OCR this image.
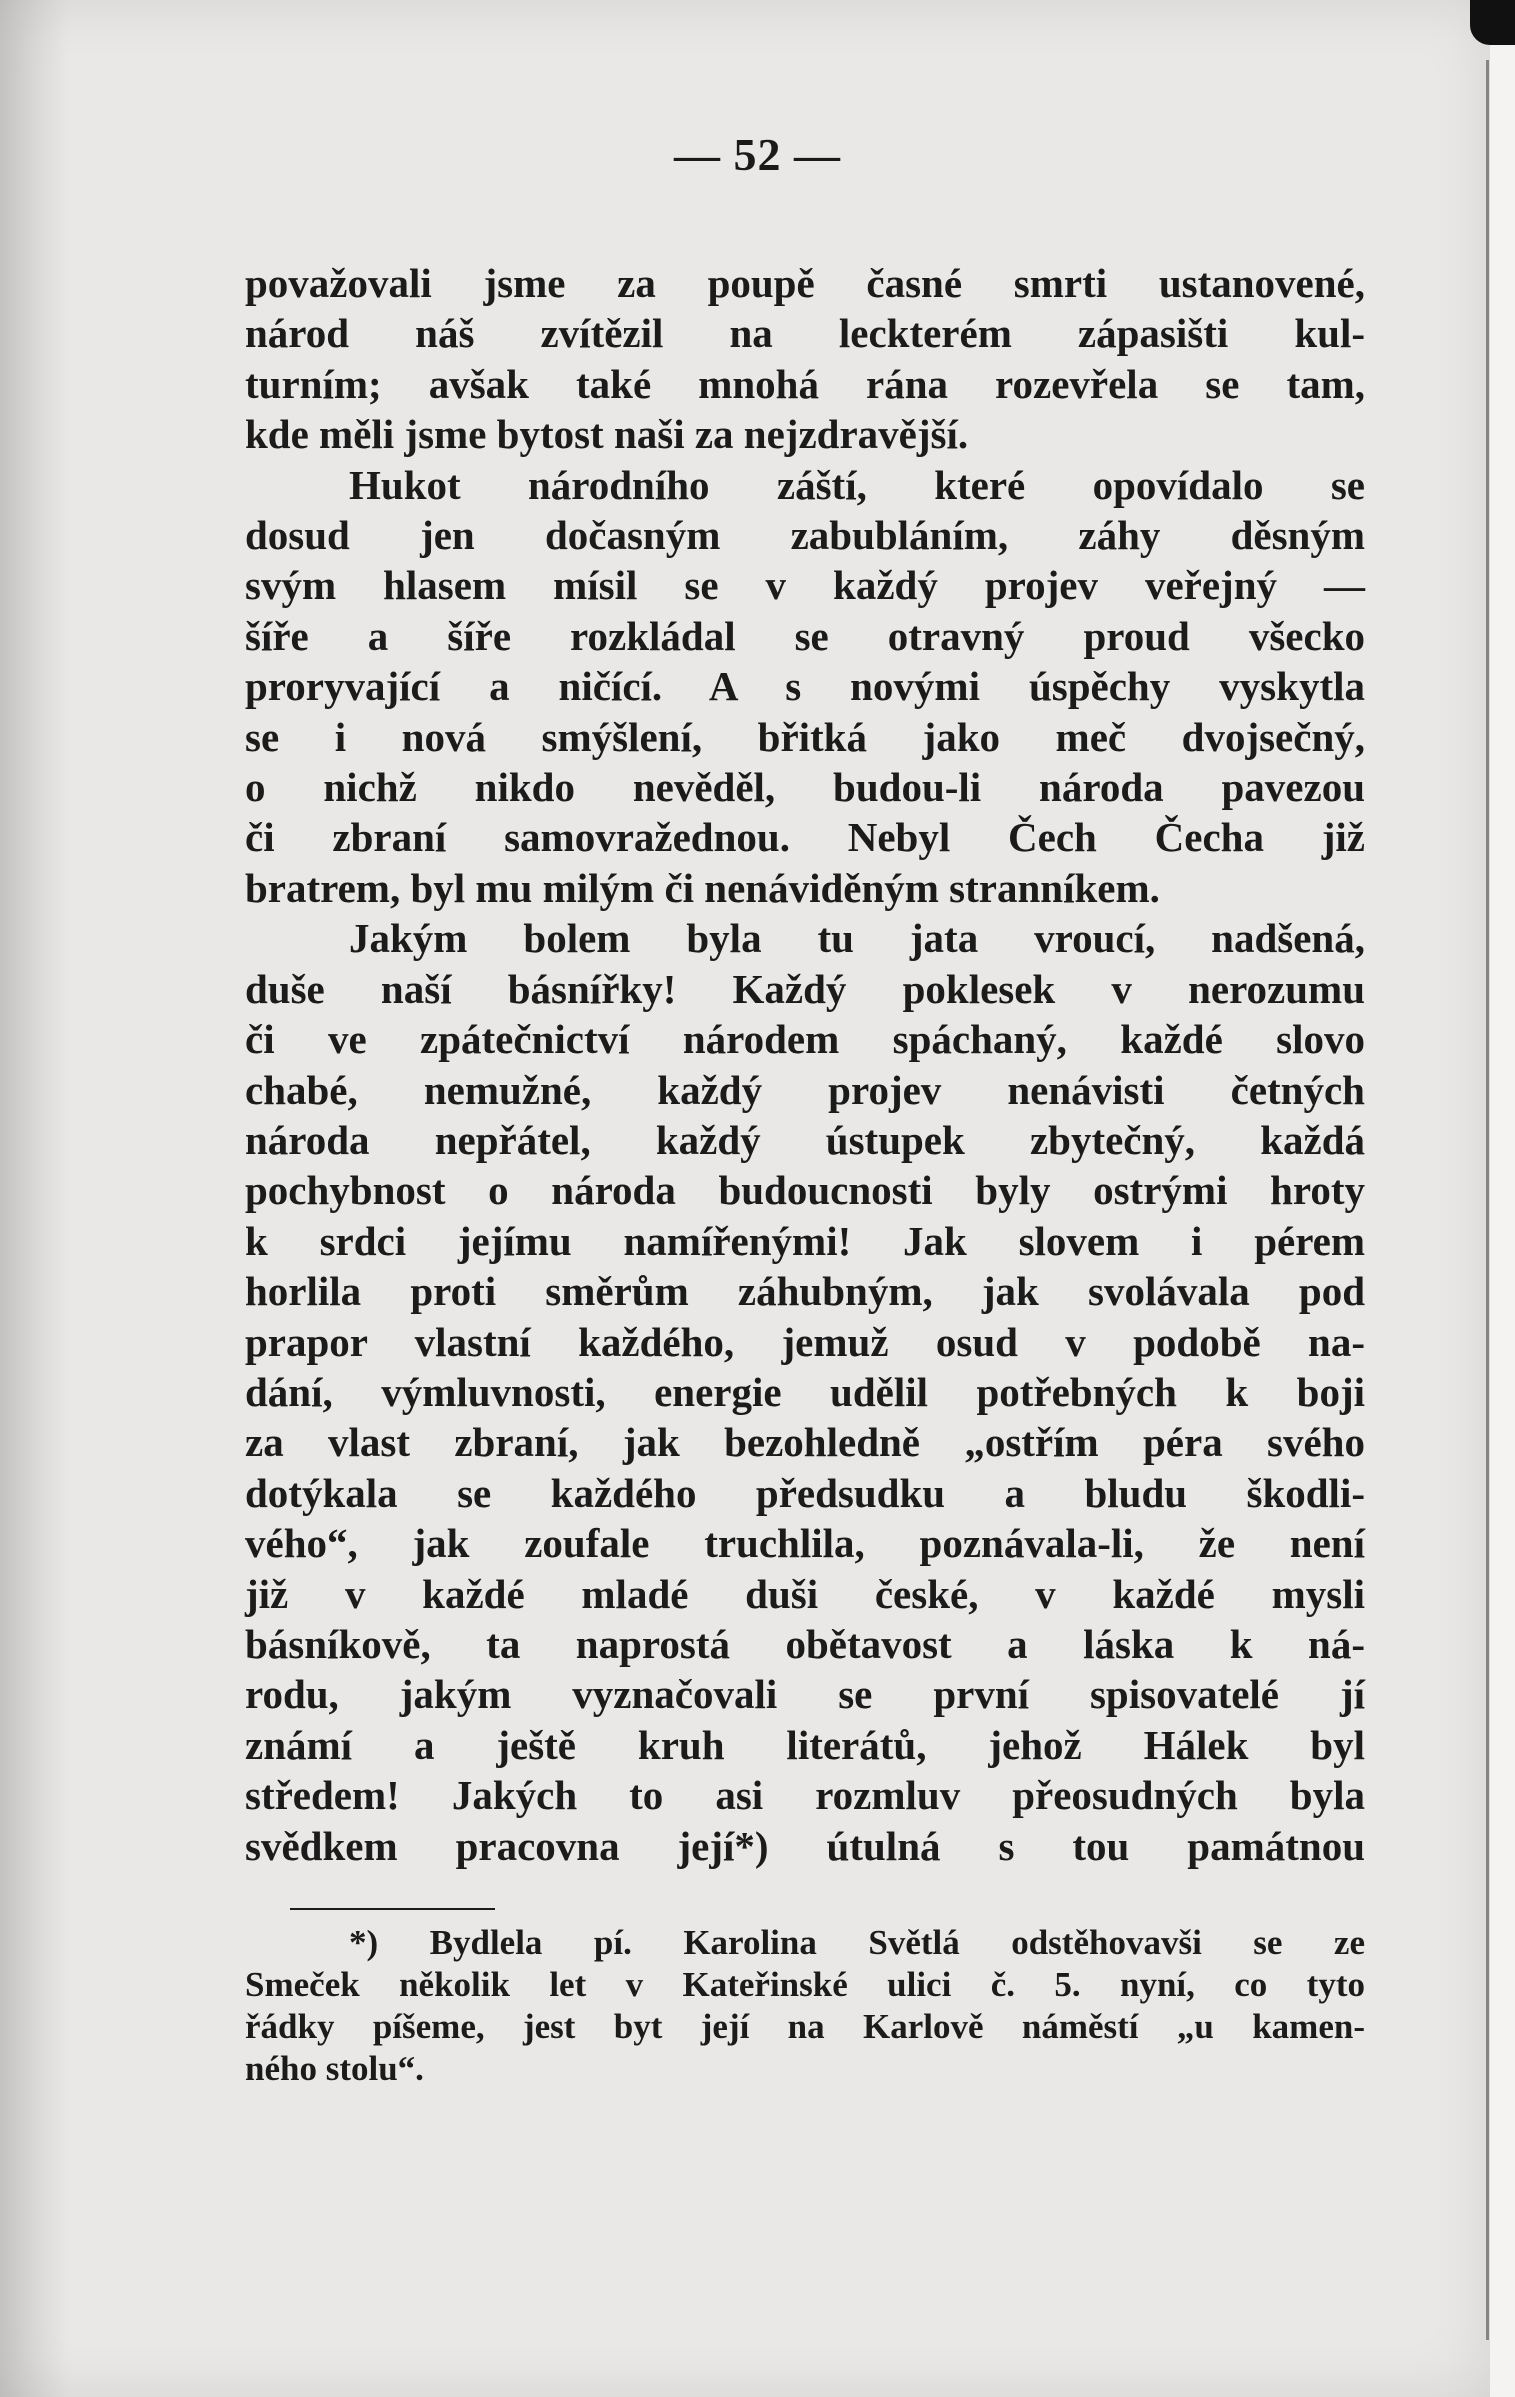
— 52 —
považovali jsme za poupě časné smrti ustanovené,
národ náš zvítězil na leckterém zápasišti kul-
turním; avšak také mnohá rána rozevřela se tam,
kde měli jsme bytost naši za nejzdravější.
Hukot národního záští, které opovídalo se
dosud jen dočasným zabubláním, záhy děsným
svým hlasem mísil se v každý projev veřejný —
šíře a šíře rozkládal se otravný proud všecko
proryvající a ničící. A s novými úspěchy vyskytla
se i nová smýšlení, břitká jako meč dvojsečný,
o nichž nikdo nevěděl, budou-li národa pavezou
či zbraní samovražednou. Nebyl Čech Čecha již
bratrem, byl mu milým či nenáviděným stranníkem.
Jakým bolem byla tu jata vroucí, nadšená,
duše naší básnířky! Každý poklesek v nerozumu
či ve zpátečnictví národem spáchaný, každé slovo
chabé, nemužné, každý projev nenávisti četných
národa nepřátel, každý ústupek zbytečný, každá
pochybnost o národa budoucnosti byly ostrými hroty
k srdci jejímu namířenými! Jak slovem i pérem
horlila proti směrům záhubným, jak svolávala pod
prapor vlastní každého, jemuž osud v podobě na-
dání, výmluvnosti, energie udělil potřebných k boji
za vlast zbraní, jak bezohledně „ostřím péra svého
dotýkala se každého předsudku a bludu škodli-
vého“, jak zoufale truchlila, poznávala-li, že není
již v každé mladé duši české, v každé mysli
básníkově, ta naprostá obětavost a láska k ná-
rodu, jakým vyznačovali se první spisovatelé jí
známí a ještě kruh literátů, jehož Hálek byl
středem! Jakých to asi rozmluv přeosudných byla
svědkem pracovna její*) útulná s tou památnou
*) Bydlela pí. Karolina Světlá odstěhovavši se ze
Smeček několik let v Kateřinské ulici č. 5. nyní, co tyto
řádky píšeme, jest byt její na Karlově náměstí „u kamen-
ného stolu“.
